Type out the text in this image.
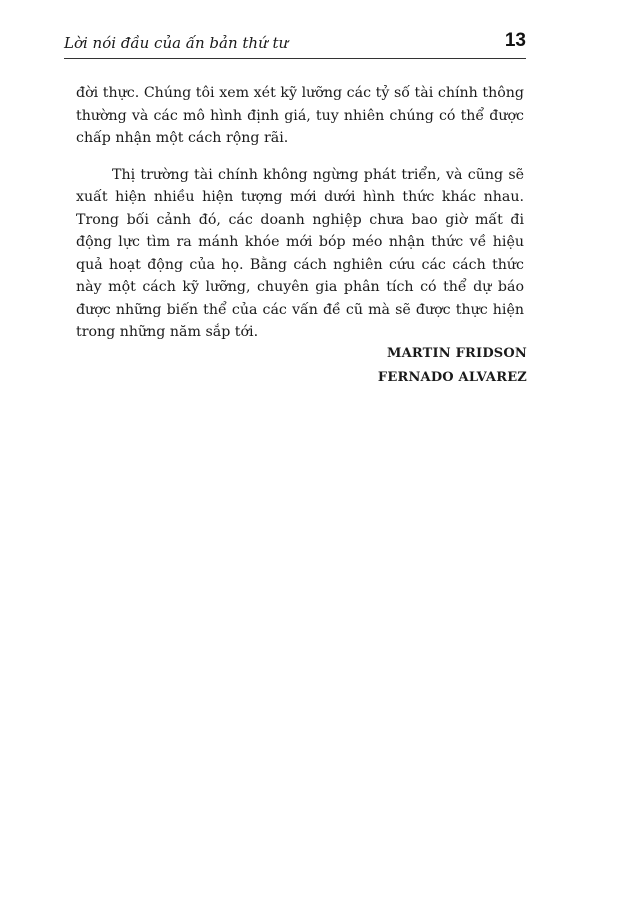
Lời nói đầu của ấn bản thứ tư	13

đời thực. Chúng tôi xem xét kỹ lưỡng các tỷ số tài chính thông thường và các mô hình định giá, tuy nhiên chúng có thể được chấp nhận một cách rộng rãi.

Thị trường tài chính không ngừng phát triển, và cũng sẽ xuất hiện nhiều hiện tượng mới dưới hình thức khác nhau. Trong bối cảnh đó, các doanh nghiệp chưa bao giờ mất đi động lực tìm ra mánh khóe mới bóp méo nhận thức về hiệu quả hoạt động của họ. Bằng cách nghiên cứu các cách thức này một cách kỹ lưỡng, chuyên gia phân tích có thể dự báo được những biến thể của các vấn đề cũ mà sẽ được thực hiện trong những năm sắp tới.

MARTIN FRIDSON
FERNADO ALVAREZ
